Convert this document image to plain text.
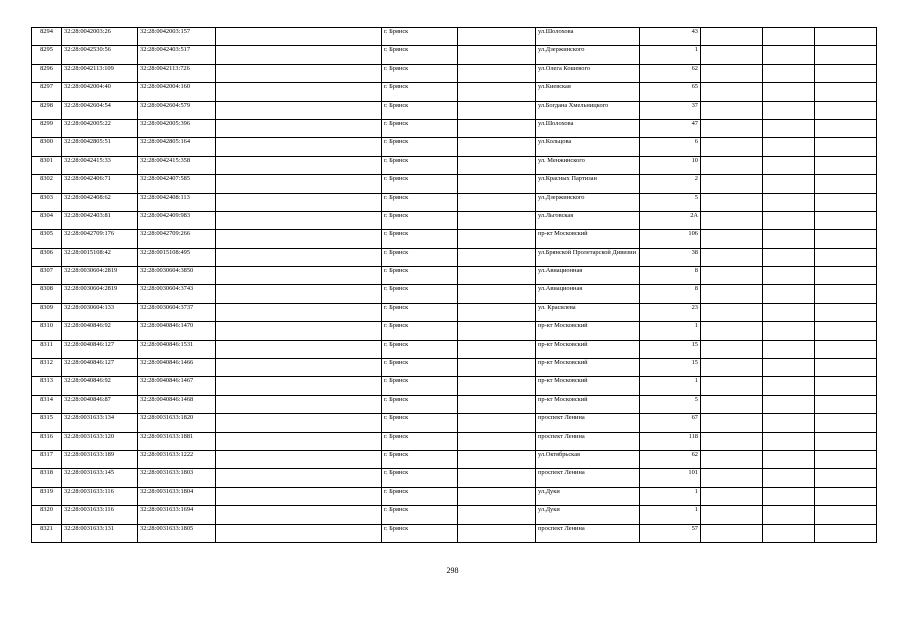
8294	32:28:0042003:26	32:28:0042003:157		г. Брянск		ул.Шолохова	43			
8295	32:28:0042530:56	32:28:0042403:517		г. Брянск		ул.Дзержинского	1			
8296	32:28:0042113:109	32:28:0042113:726		г. Брянск		ул.Олега Кошевого	62			
8297	32:28:0042004:40	32:28:0042004:160		г. Брянск		ул.Киевская	65			
8298	32:28:0042604:54	32:28:0042604:579		г. Брянск		ул.Богдана Хмельницкого	37			
8299	32:28:0042005:22	32:28:0042005:396		г. Брянск		ул.Шолохова	47			
8300	32:28:0042805:51	32:28:0042805:164		г. Брянск		ул.Кольцова	6			
8301	32:28:0042415:33	32:28:0042415:358		г. Брянск		ул. Менжинского	10			
8302	32:28:0042406:71	32:28:0042407:585		г. Брянск		ул.Красных Партизан	2			
8303	32:28:0042408:62	32:28:0042408:113		г. Брянск		ул.Дзержинского	5			
8304	32:28:0042403:81	32:28:0042409:983		г. Брянск		ул.Льговская	2А			
8305	32:28:0042709:176	32:28:0042709:266		г. Брянск		пр-кт Московский	106			
8306	32:28:0015108:42	32:28:0015108:495		г. Брянск		ул.Брянской Пролетарской Дивизии	38			
8307	32:28:0030604:2819	32:28:0030604:3850		г. Брянск		ул.Авиационная	8			
8308	32:28:0030604:2819	32:28:0030604:3743		г. Брянск		ул.Авиационная	8			
8309	32:28:0030604:133	32:28:0030604:3737		г. Брянск		ул. Красилева	23			
8310	32:28:0040846:92	32:28:0040846:1470		г. Брянск		пр-кт Московский	1			
8311	32:28:0040846:127	32:28:0040846:1531		г. Брянск		пр-кт Московский	15			
8312	32:28:0040846:127	32:28:0040846:1466		г. Брянск		пр-кт Московский	15			
8313	32:28:0040846:92	32:28:0040846:1467		г. Брянск		пр-кт Московский	1			
8314	32:28:0040846:87	32:28:0040846:1468		г. Брянск		пр-кт Московский	5			
8315	32:28:0031633:134	32:28:0031633:1820		г. Брянск		проспект Ленина	67			
8316	32:28:0031633:120	32:28:0031633:1881		г. Брянск		проспект Ленина	118			
8317	32:28:0031633:189	32:28:0031633:1222		г. Брянск		ул.Октябрьская	62			
8318	32:28:0031633:145	32:28:0031633:1803		г. Брянск		проспект Ленина	101			
8319	32:28:0031633:116	32:28:0031633:1804		г. Брянск		ул.Дуки	1			
8320	32:28:0031633:116	32:28:0031633:1694		г. Брянск		ул.Дуки	1			
8321	32:28:0031633:131	32:28:0031633:1805		г. Брянск		проспект Ленина	57			
298
